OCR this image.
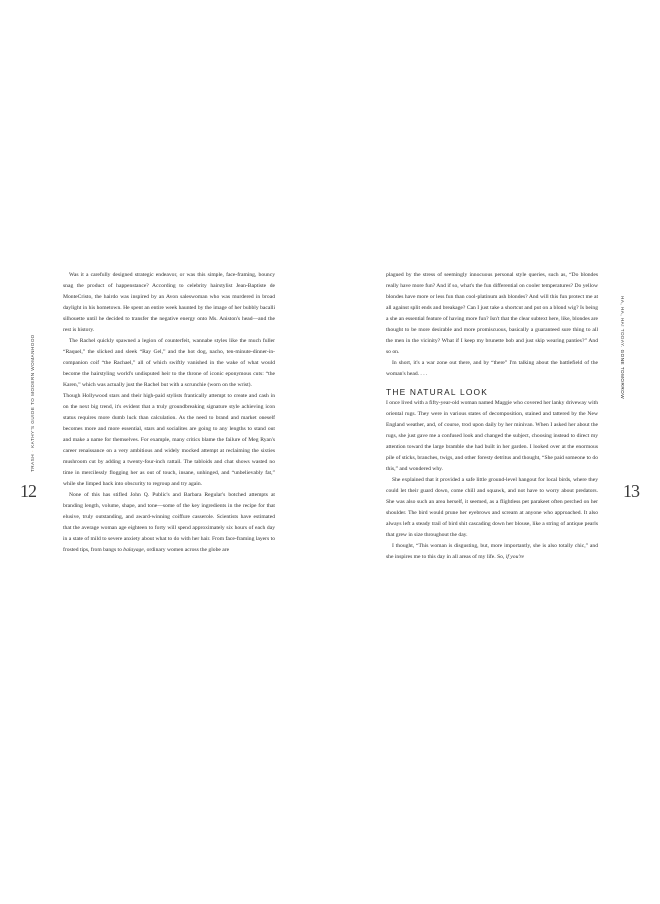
Was it a carefully designed strategic endeavor, or was this simple, face-framing, bouncy snag the product of happenstance? According to celebrity hairstylist Jean-Baptiste de MonteCristo, the hairdo was inspired by an Avon saleswoman who was murdered in broad daylight in his hometown. He spent an entire week haunted by the image of her bubbly bacalli silhouette until he decided to transfer the negative energy onto Ms. Aniston's head—and the rest is history.

The Rachel quickly spawned a legion of counterfeit, wannabe styles like the much fuller “Raquel,” the slicked and sleek “Ray Gel,” and the hot dog, nacho, ten-minute-dinner-in-companion coif “the Rachael,” all of which swiftly vanished in the wake of what would become the hairstyling world's undisputed heir to the throne of iconic eponymous cuts: “the Karen,” which was actually just the Rachel but with a scrunchie (worn on the wrist).

Though Hollywood stars and their high-paid stylists frantically attempt to create and cash in on the next big trend, it's evident that a truly groundbreaking signature style achieving icon status requires more dumb luck than calculation. As the need to brand and market oneself becomes more and more essential, stars and socialites are going to any lengths to stand out and make a name for themselves. For example, many critics blame the failure of Meg Ryan's career renaissance on a very ambitious and widely mocked attempt at reclaiming the sixties mushroom cut by adding a twenty-four-inch rattail. The tabloids and chat shows wasted no time in mercilessly flogging her as out of touch, insane, unhinged, and “unbelievably fat,” while she limped back into obscurity to regroup and try again.

None of this has stifled John Q. Public's and Barbara Regular's botched attempts at branding length, volume, shape, and tone—some of the key ingredients in the recipe for that elusive, truly outstanding, and award-winning coiffure casserole. Scientists have estimated that the average woman age eighteen to forty will spend approximately six hours of each day in a state of mild to severe anxiety about what to do with her hair. From face-framing layers to frosted tips, from bangs to balayage, ordinary women across the globe are

TRASH·KATHY'S GUIDE TO MODERN WOMANHOOD
12

plagued by the stress of seemingly innocuous personal style queries, such as, “Do blondes really have more fun? And if so, what's the fun differential on cooler temperatures? Do yellow blondes have more or less fun than cool-platinum ash blondes? And will this fun protect me at all against split ends and breakage? Can I just take a shortcut and put on a blond wig? Is being a she an essential feature of having more fun? Isn't that the clear subtext here, like, blondes are thought to be more desirable and more promiscuous, basically a guaranteed sure thing to all the men in the vicinity? What if I keep my brunette bob and just skip wearing panties?” And so on.

In short, it's a war zone out there, and by “there” I'm talking about the battlefield of the woman's head. . . .

THE NATURAL LOOK

I once lived with a fifty-year-old woman named Maggie who covered her lanky driveway with oriental rugs. They were in various states of decomposition, stained and tattered by the New England weather, and, of course, trod upon daily by her minivan. When I asked her about the rugs, she just gave me a confused look and changed the subject, choosing instead to direct my attention toward the large bramble she had built in her garden. I looked over at the enormous pile of sticks, branches, twigs, and other foresty detritus and thought, “She paid someone to do this,” and wondered why.

She explained that it provided a safe little ground-level hangout for local birds, where they could let their guard down, come chill and squawk, and not have to worry about predators. She was also such an area herself, it seemed, as a flightless pet parakeet often perched on her shoulder. The bird would prune her eyebrows and scream at anyone who approached. It also always left a steady trail of bird shit cascading down her blouse, like a string of antique pearls that grew in size throughout the day.

I thought, “This woman is disgusting, but, more importantly, she is also totally chic,” and she inspires me to this day in all areas of my life. So, if you're

HA, HA, HA! TODAY. GONE TOMORROW
13
